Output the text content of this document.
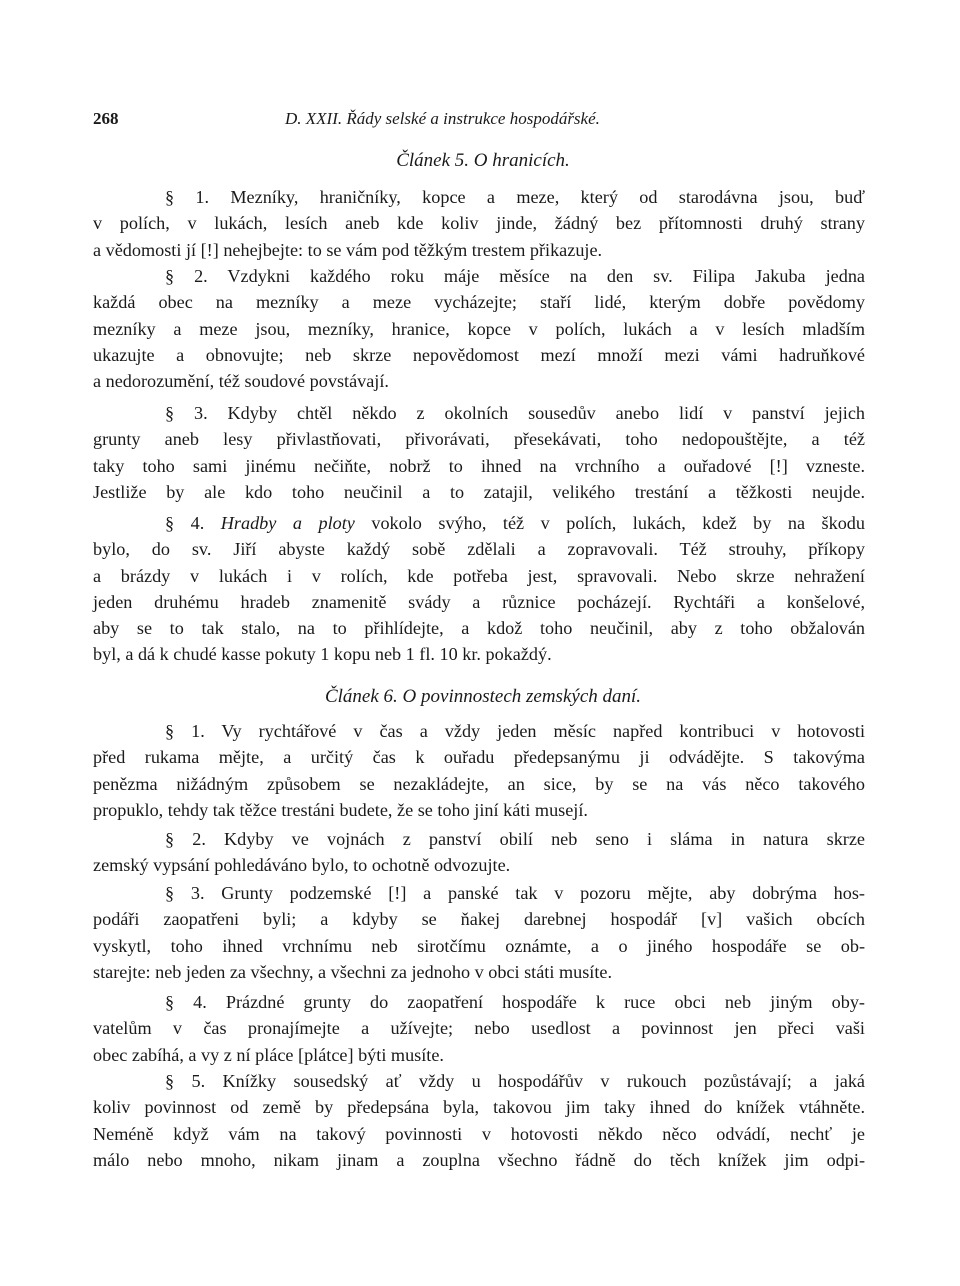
268	D. XXII. Řády selské a instrukce hospodářské.
Článek 5. O hranicích.
§ 1. Mezníky, hraničníky, kopce a meze, který od starodávna jsou, buď
v polích, v lukách, lesích aneb kde koliv jinde, žádný bez přítomnosti druhý strany
a vědomosti jí [!] nehejbejte: to se vám pod těžkým trestem přikazuje.
§ 2. Vzdykni každého roku máje měsíce na den sv. Filipa Jakuba jedna
každá obec na mezníky a meze vycházejte; staří lidé, kterým dobře povědomy
mezníky a meze jsou, mezníky, hranice, kopce v polích, lukách a v lesích mladším
ukazujte a obnovujte; neb skrze nepovědomost mezí množí mezi vámi hadruňkové
a nedorozumění, též soudové povstávají.
§ 3. Kdyby chtěl někdo z okolních sousedův anebo lidí v panství jejich
grunty aneb lesy přivlastňovati, přivorávati, přesekávati, toho nedopouštějte, a též
taky toho sami jinému nečiňte, nobrž to ihned na vrchního a ouřadové [!] vzneste.
Jestliže by ale kdo toho neučinil a to zatajil, velikého trestání a těžkosti neujde.
§ 4. Hradby a ploty vokolo svýho, též v polích, lukách, kdež by na škodu
bylo, do sv. Jiří abyste každý sobě zdělali a zopravovali. Též strouhy, příkopy
a brázdy v lukách i v rolích, kde potřeba jest, spravovali. Nebo skrze nehražení
jeden druhému hradeb znamenitě svády a různice pocházejí. Rychtáři a konšelové,
aby se to tak stalo, na to přihlídejte, a kdož toho neučinil, aby z toho obžalován
byl, a dá k chudé kasse pokuty 1 kopu neb 1 fl. 10 kr. pokaždý.
Článek 6. O povinnostech zemských daní.
§ 1. Vy rychtářové v čas a vždy jeden měsíc napřed kontribuci v hotovosti
před rukama mějte, a určitý čas k ouřadu předepsanýmu ji odvádějte. S takovýma
penězma nižádným způsobem se nezakládejte, an sice, by se na vás něco takového
propuklo, tehdy tak těžce trestáni budete, že se toho jiní káti musejí.
§ 2. Kdyby ve vojnách z panství obilí neb seno i sláma in natura skrze
zemský vypsání pohledáváno bylo, to ochotně odvozujte.
§ 3. Grunty podzemské [!] a panské tak v pozoru mějte, aby dobrýma hos-
podáři zaopatřeni byli; a kdyby se ňakej darebnej hospodář [v] vašich obcích
vyskytl, toho ihned vrchnímu neb sirotčímu oznámte, a o jiného hospodáře se ob-
starejte: neb jeden za všechny, a všechni za jednoho v obci státi musíte.
§ 4. Prázdné grunty do zaopatření hospodáře k ruce obci neb jiným oby-
vatelům v čas pronajímejte a užívejte; nebo usedlost a povinnost jen přeci vaši
obec zabíhá, a vy z ní pláce [plátce] býti musíte.
§ 5. Knížky sousedský ať vždy u hospodářův v rukouch pozůstávají; a jaká
koliv povinnost od země by předepsána byla, takovou jim taky ihned do knížek vtáhněte.
Neméně když vám na takový povinnosti v hotovosti někdo něco odvádí, nechť je
málo nebo mnoho, nikam jinam a zouplna všechno řádně do těch knížek jim odpi-
